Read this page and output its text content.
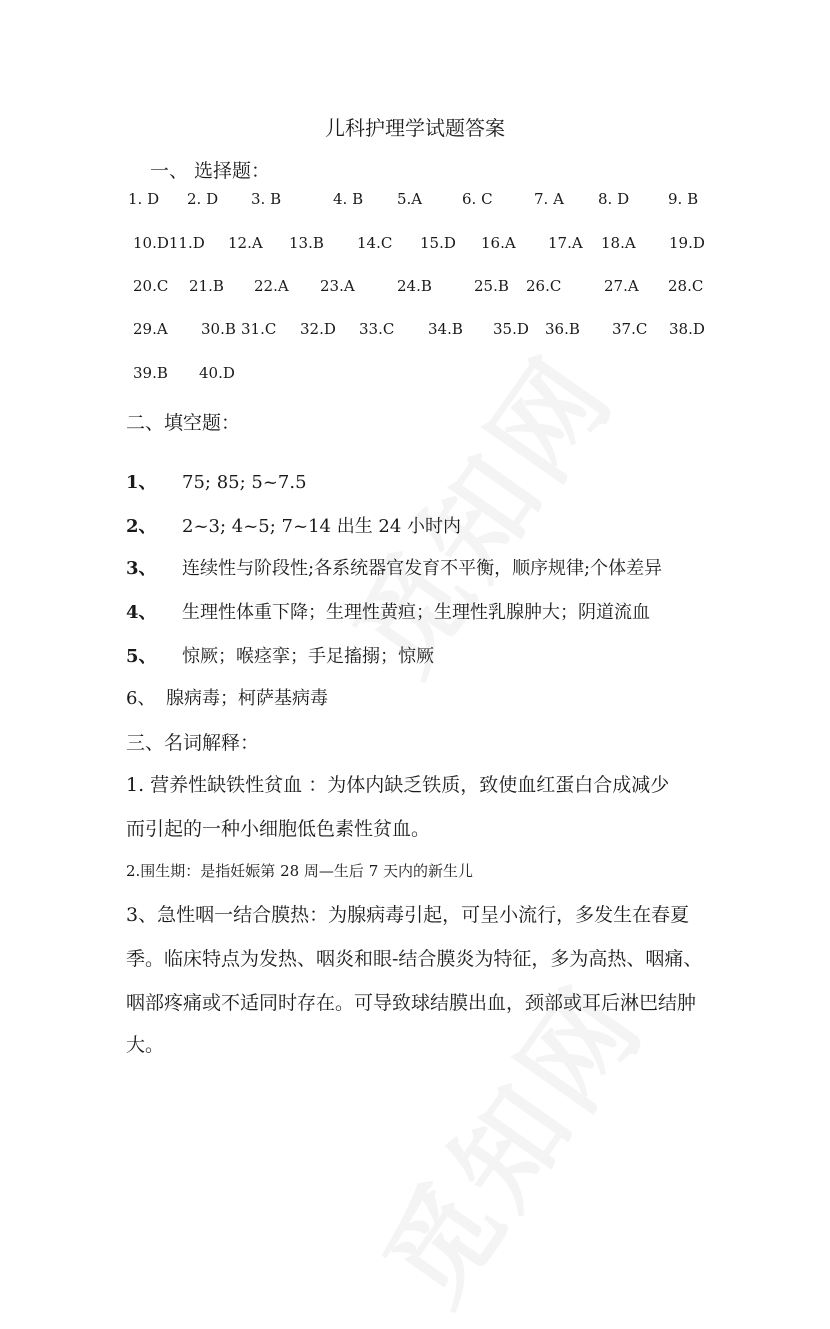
儿科护理学试题答案
一、 选择题：
1. D 2. D 3. B	4. B 5.A	6. C	7. A 8. D	9. B
10.D11.D 12.A 13.B 14.C 15.D 16.A 17.A 18.A 19.D
20.C 21.B 22.A 23.A	24.B	25.B 26.C	27.A 28.C
29.A 30.B 31.C 32.D 33.C 34.B 35.D 36.B 37.C 38.D
39.B 40.D
二、填空题：
1、 75; 85; 5~7.5
2、 2~3; 4~5; 7~14 出生 24 小时内
3、 连续性与阶段性;各系统器官发育不平衡，顺序规律;个体差异
4、 生理性体重下降；生理性黄疸；生理性乳腺肿大；阴道流血
5、 惊厥；喉痉挛；手足搐搦；惊厥
6、 腺病毒；柯萨基病毒
三、名词解释：
1. 营养性缺铁性贫血 ：为体内缺乏铁质，致使血红蛋白合成减少
而引起的一种小细胞低色素性贫血。
2.围生期：是指妊娠第 28 周—生后 7 天内的新生儿
3、急性咽一结合膜热：为腺病毒引起，可呈小流行，多发生在春夏
季。临床特点为发热、咽炎和眼-结合膜炎为特征，多为高热、咽痛、
咽部疼痛或不适同时存在。可导致球结膜出血，颈部或耳后淋巴结肿
大。
